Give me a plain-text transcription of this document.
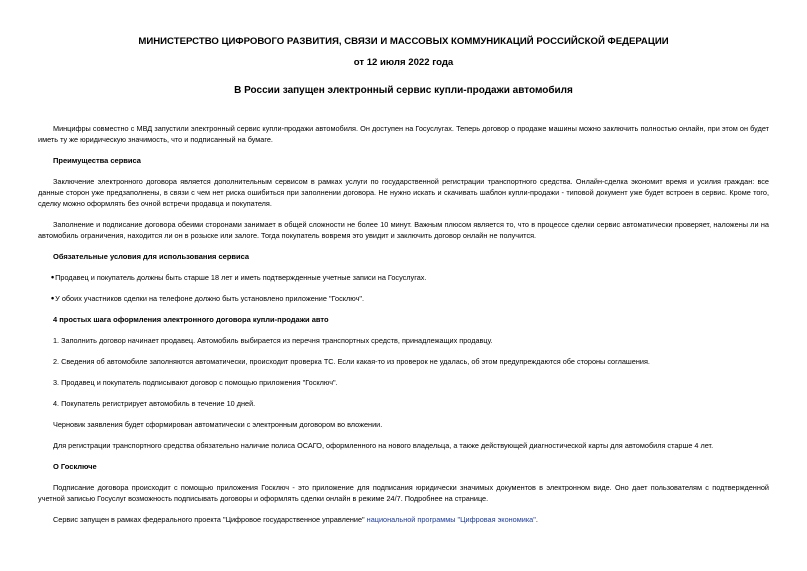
МИНИСТЕРСТВО ЦИФРОВОГО РАЗВИТИЯ, СВЯЗИ И МАССОВЫХ КОММУНИКАЦИЙ РОССИЙСКОЙ ФЕДЕРАЦИИ
от 12 июля 2022 года
В России запущен электронный сервис купли-продажи автомобиля

Минцифры совместно с МВД запустили электронный сервис купли-продажи автомобиля. Он доступен на Госуслугах. Теперь договор о продаже машины можно заключить полностью онлайн, при этом он будет иметь ту же юридическую значимость, что и подписанный на бумаге.

Преимущества сервиса

Заключение электронного договора является дополнительным сервисом в рамках услуги по государственной регистрации транспортного средства. Онлайн-сделка экономит время и усилия граждан: все данные сторон уже предзаполнены, в связи с чем нет риска ошибиться при заполнении договора. Не нужно искать и скачивать шаблон купли-продажи - типовой документ уже будет встроен в сервис. Кроме того, сделку можно оформлять без очной встречи продавца и покупателя.

Заполнение и подписание договора обеими сторонами занимает в общей сложности не более 10 минут. Важным плюсом является то, что в процессе сделки сервис автоматически проверяет, наложены ли на автомобиль ограничения, находится ли он в розыске или залоге. Тогда покупатель вовремя это увидит и заключить договор онлайн не получится.

Обязательные условия для использования сервиса

•Продавец и покупатель должны быть старше 18 лет и иметь подтвержденные учетные записи на Госуслугах.

•У обоих участников сделки на телефоне должно быть установлено приложение "Госключ".

4 простых шага оформления электронного договора купли-продажи авто

1. Заполнить договор начинает продавец. Автомобиль выбирается из перечня транспортных средств, принадлежащих продавцу.

2. Сведения об автомобиле заполняются автоматически, происходит проверка ТС. Если какая-то из проверок не удалась, об этом предупреждаются обе стороны соглашения.

3. Продавец и покупатель подписывают договор с помощью приложения "Госключ".

4. Покупатель регистрирует автомобиль в течение 10 дней.

Черновик заявления будет сформирован автоматически с электронным договором во вложении.

Для регистрации транспортного средства обязательно наличие полиса ОСАГО, оформленного на нового владельца, а также действующей диагностической карты для автомобиля старше 4 лет.

О Госключе

Подписание договора происходит с помощью приложения Госключ - это приложение для подписания юридически значимых документов в электронном виде. Оно дает пользователям с подтвержденной учетной записью Госуслуг возможность подписывать договоры и оформлять сделки онлайн в режиме 24/7. Подробнее на странице.

Сервис запущен в рамках федерального проекта "Цифровое государственное управление" национальной программы "Цифровая экономика".
